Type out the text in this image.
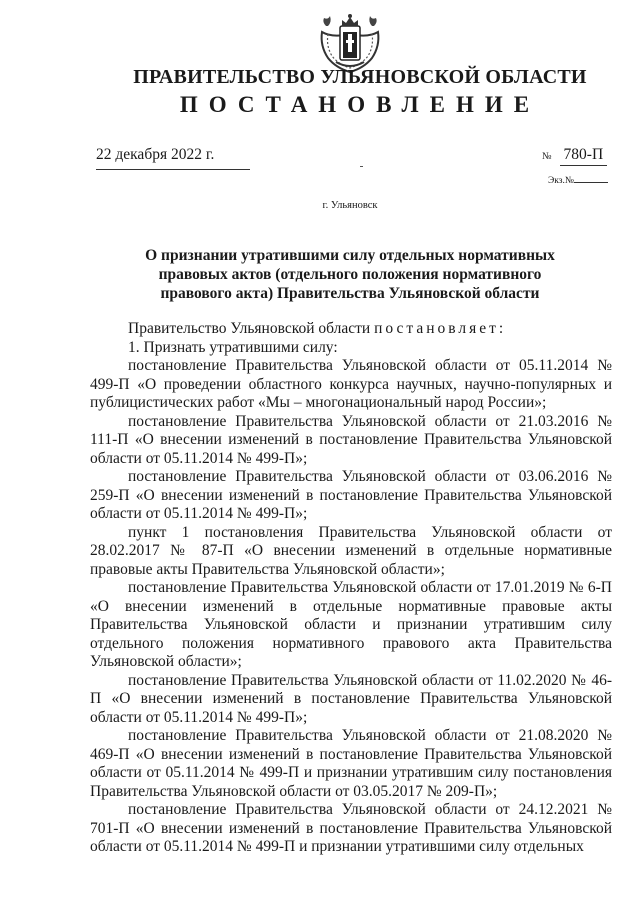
ПРАВИТЕЛЬСТВО УЛЬЯНОВСКОЙ ОБЛАСТИ
ПОСТАНОВЛЕНИЕ
22 декабря 2022 г.	№ 780-П
Экз.№
г. Ульяновск
О признании утратившими силу отдельных нормативных
правовых актов (отдельного положения нормативного
правового акта) Правительства Ульяновской области

Правительство Ульяновской области постановляет:

1. Признать утратившими силу:

постановление Правительства Ульяновской области от 05.11.2014 № 499-П «О проведении областного конкурса научных, научно-популярных и публицистических работ «Мы – многонациональный народ России»;

постановление Правительства Ульяновской области от 21.03.2016 № 111-П «О внесении изменений в постановление Правительства Ульяновской области от 05.11.2014 № 499-П»;

постановление Правительства Ульяновской области от 03.06.2016 № 259-П «О внесении изменений в постановление Правительства Ульяновской области от 05.11.2014 № 499-П»;

пункт 1 постановления Правительства Ульяновской области от 28.02.2017 № 87-П «О внесении изменений в отдельные нормативные правовые акты Правительства Ульяновской области»;

постановление Правительства Ульяновской области от 17.01.2019 № 6-П «О внесении изменений в отдельные нормативные правовые акты Правительства Ульяновской области и признании утратившим силу отдельного положения нормативного правового акта Правительства Ульяновской области»;

постановление Правительства Ульяновской области от 11.02.2020 № 46-П «О внесении изменений в постановление Правительства Ульяновской области от 05.11.2014 № 499-П»;

постановление Правительства Ульяновской области от 21.08.2020 № 469-П «О внесении изменений в постановление Правительства Ульяновской области от 05.11.2014 № 499-П и признании утратившим силу постановления Правительства Ульяновской области от 03.05.2017 № 209-П»;

постановление Правительства Ульяновской области от 24.12.2021 № 701-П «О внесении изменений в постановление Правительства Ульяновской области от 05.11.2014 № 499-П и признании утратившими силу отдельных
